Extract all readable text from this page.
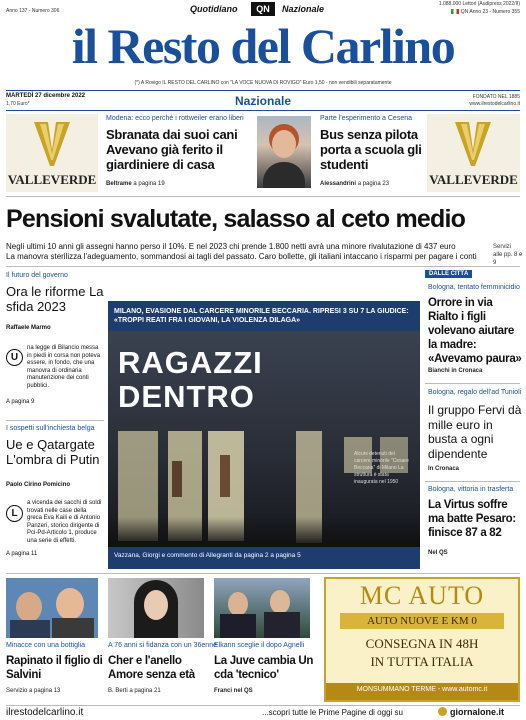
1.088.000 Lettori (Audipress 2022/II)
Anno 137 - Numero 306	Quotidiano	QN	Nazionale	QN Anno 23 - Numero 355
il Resto del Carlino
(*) A Rovigo IL RESTO DEL CARLINO con "LA VOCE NUOVA DI ROVIGO" Euro 1,50 - non vendibili separatamente
MARTEDÌ 27 dicembre 2022
1,70 Euro*	Nazionale	FONDATO NEL 1885
www.ilrestodelcarlino.it
VALLEVERDE	VALLEVERDE
Modena: ecco perché i rottweiler erano liberi
Sbranata dai suoi cani Avevano già ferito il giardiniere di casa
Beltrame a pagina 19
Parte l'esperimento a Cesena
Bus senza pilota porta a scuola gli studenti
Alessandrini a pagina 23
Pensioni svalutate, salasso al ceto medio
Negli ultimi 10 anni gli assegni hanno perso il 10%. E nel 2023 chi prende 1.800 netti avrà una minore rivalutazione di 437 euro
La manovra sterilizza l'adeguamento, sommandosi ai tagli del passato. Caro bollette, gli italiani intaccano i risparmi per pagare i conti
Servizi
alle pp. 8 e 9
Il futuro del governo
Ora le riforme La sfida 2023
Raffaele Marmo
U
na legge di Bilancio messa in piedi in corsa non poteva essere, in fondo, che una manovra di ordinaria manutenzione dei conti pubblici.
A pagina 9
I sospetti sull'inchiesta belga
Ue e Qatargate L'ombra di Putin
Paolo Cirino Pomicino
L
a vicenda dei sacchi di soldi trovati nelle case della greca Eva Kaili e di Antonio Panzeri, storico dirigente di Pci-Pd-Articolo 1, produce una serie di effetti.
A pagina 11
MILANO, EVASIONE DAL CARCERE MINORILE BECCARIA. RIPRESI 3 SU 7 LA GIUDICE: «TROPPI REATI FRA I GIOVANI, LA VIOLENZA DILAGA»
RAGAZZI DENTRO
Alcuni detenuti del carcere minorile "Cesare Beccaria" di Milano La struttura è stata inaugurata nel 1950
Vazzana, Giorgi e commento di Allegranti da pagina 2 a pagina 5
DALLE CITTÀ
Bologna, tentato femminicidio
Orrore in via Rialto i figli volevano aiutare la madre: «Avevamo paura»
Bianchi in Cronaca
Bologna, regalo dell'ad Tunioli
Il gruppo Fervi dà mille euro in busta a ogni dipendente
In Cronaca
Bologna, vittoria in trasferta
La Virtus soffre ma batte Pesaro: finisce 87 a 82
Nel QS
Minacce con una bottiglia
Rapinato il figlio di Salvini
Servizio a pagina 13
A 76 anni si fidanza con un 36enne
Cher e l'anello Amore senza età
B. Berti a pagina 21
Elkann sceglie il dopo Agnelli
La Juve cambia Un cda 'tecnico'
Franci nel QS
MC AUTO
AUTO NUOVE E KM 0
CONSEGNA IN 48H
IN TUTTA ITALIA
MONSUMMANO TERME - www.automc.it
ilrestodelcarlino.it	...scopri tutte le Prime Pagine di oggi su	giornalone.it
